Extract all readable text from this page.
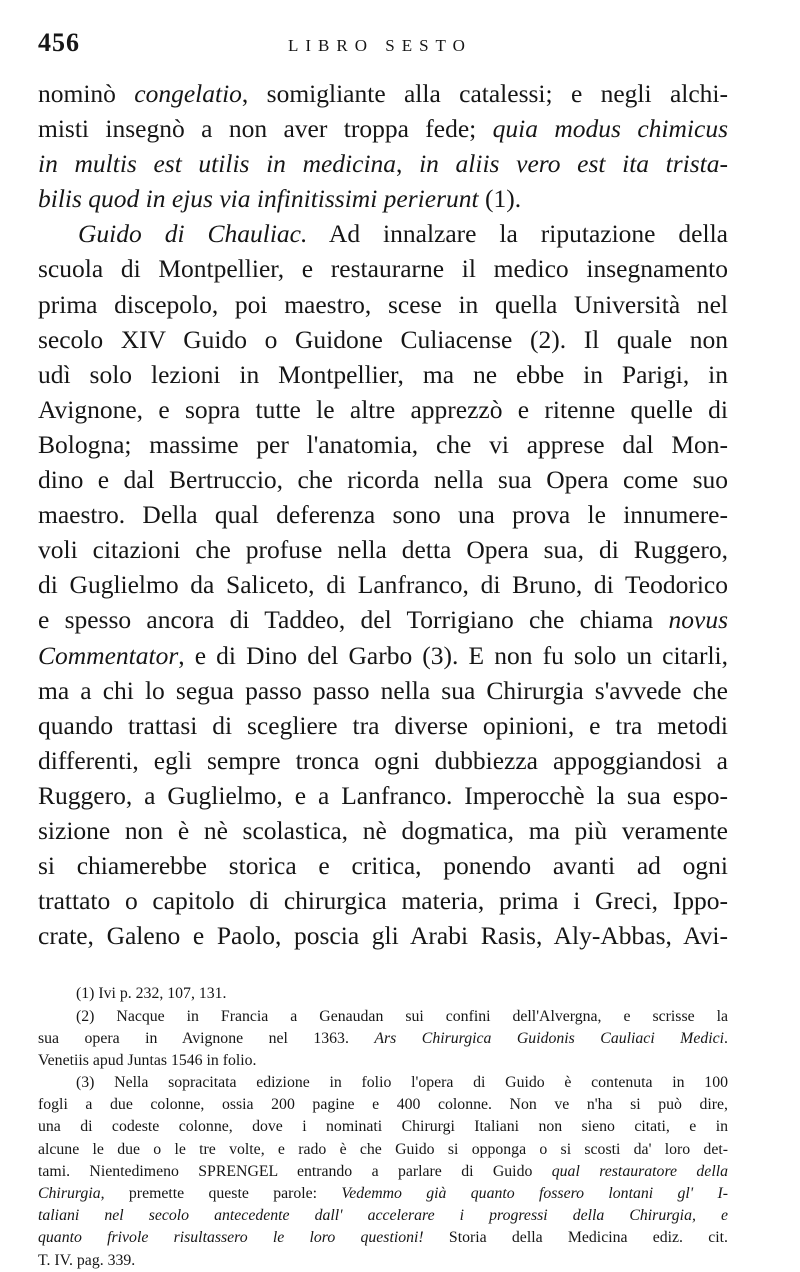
456	LIBRO SESTO
nominò congelatio, somigliante alla catalessi; e negli alchi-
misti insegnò a non aver troppa fede; quia modus chimicus
in multis est utilis in medicina, in aliis vero est ita trista-
bilis quod in ejus via infinitissimi perierunt (1).
Guido di Chauliac. Ad innalzare la riputazione della
scuola di Montpellier, e restaurarne il medico insegnamento
prima discepolo, poi maestro, scese in quella Università nel
secolo XIV Guido o Guidone Culiacense (2). Il quale non
udì solo lezioni in Montpellier, ma ne ebbe in Parigi, in
Avignone, e sopra tutte le altre apprezzò e ritenne quelle di
Bologna; massime per l'anatomia, che vi apprese dal Mon-
dino e dal Bertruccio, che ricorda nella sua Opera come suo
maestro. Della qual deferenza sono una prova le innumere-
voli citazioni che profuse nella detta Opera sua, di Ruggero,
di Guglielmo da Saliceto, di Lanfranco, di Bruno, di Teodorico
e spesso ancora di Taddeo, del Torrigiano che chiama novus
Commentator, e di Dino del Garbo (3). E non fu solo un citarli,
ma a chi lo segua passo passo nella sua Chirurgia s'avvede che
quando trattasi di scegliere tra diverse opinioni, e tra metodi
differenti, egli sempre tronca ogni dubbiezza appoggiandosi a
Ruggero, a Guglielmo, e a Lanfranco. Imperocchè la sua espo-
sizione non è nè scolastica, nè dogmatica, ma più veramente
si chiamerebbe storica e critica, ponendo avanti ad ogni
trattato o capitolo di chirurgica materia, prima i Greci, Ippo-
crate, Galeno e Paolo, poscia gli Arabi Rasis, Aly-Abbas, Avi-
(1) Ivi p. 232, 107, 131.
(2) Nacque in Francia a Genaudan sui confini dell'Alvergna, e scrisse la
sua opera in Avignone nel 1363. Ars Chirurgica Guidonis Cauliaci Medici.
Venetiis apud Juntas 1546 in folio.
(3) Nella sopracitata edizione in folio l'opera di Guido è contenuta in 100
fogli a due colonne, ossia 200 pagine e 400 colonne. Non ve n'ha si può dire,
una di codeste colonne, dove i nominati Chirurgi Italiani non sieno citati, e in
alcune le due o le tre volte, e rado è che Guido si opponga o si scosti da' loro det-
tami. Nientedimeno SPRENGEL entrando a parlare di Guido qual restauratore della
Chirurgia, premette queste parole: Vedemmo già quanto fossero lontani gl' I-
taliani nel secolo antecedente dall' accelerare i progressi della Chirurgia, e
quanto frivole risultassero le loro questioni! Storia della Medicina ediz. cit.
T. IV. pag. 339.
